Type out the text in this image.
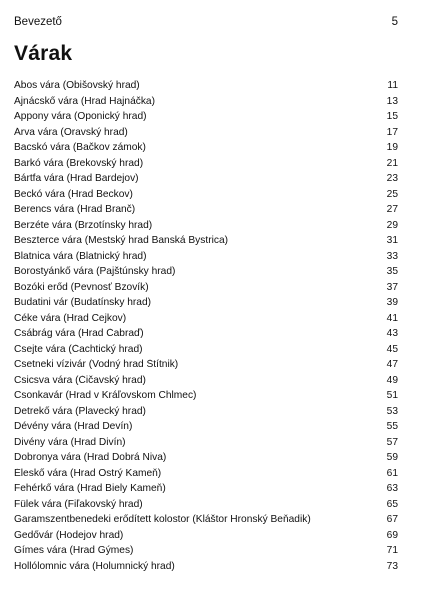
Bevezető	5
Várak
Abos vára (Obišovský hrad)	11
Ajnácskő vára (Hrad Hajnáčka)	13
Appony vára (Oponický hrad)	15
Árva vára (Oravský hrad)	17
Bacskó vára (Bačkov zámok)	19
Barkó vára (Brekovský hrad)	21
Bártfa vára (Hrad Bardejov)	23
Beckó vára (Hrad Beckov)	25
Berencs vára (Hrad Branč)	27
Berzéte vára (Brzotínsky hrad)	29
Beszterce vára (Mestský hrad Banská Bystrica)	31
Blatnica vára (Blatnický hrad)	33
Borostyánkő vára (Pajštúnsky hrad)	35
Bozóki erőd (Pevnosť Bzovík)	37
Budatini vár (Budatínsky hrad)	39
Céke vára (Hrad Cejkov)	41
Csábrág vára (Hrad Čabraď)	43
Csejte vára (Čachtický hrad)	45
Csetneki vízivár (Vodný hrad Štítnik)	47
Csicsva vára (Čičavský hrad)	49
Csonkavár (Hrad v Kráľovskom Chlmec)	51
Detrekő vára (Plavecký hrad)	53
Dévény vára (Hrad Devín)	55
Divény vára (Hrad Divín)	57
Dobronya vára (Hrad Dobrá Niva)	59
Éleskő vára (Hrad Ostrý Kameň)	61
Fehérkő vára (Hrad Biely Kameň)	63
Fülek vára (Fiľakovský hrad)	65
Garamszentbenedeki erődített kolostor (Kláštor Hronský Beňadik)	67
Gedővár (Hodejov hrad)	69
Gímes vára (Hrad Gýmes)	71
Hollólomnic vára (Holumnický hrad)	73
